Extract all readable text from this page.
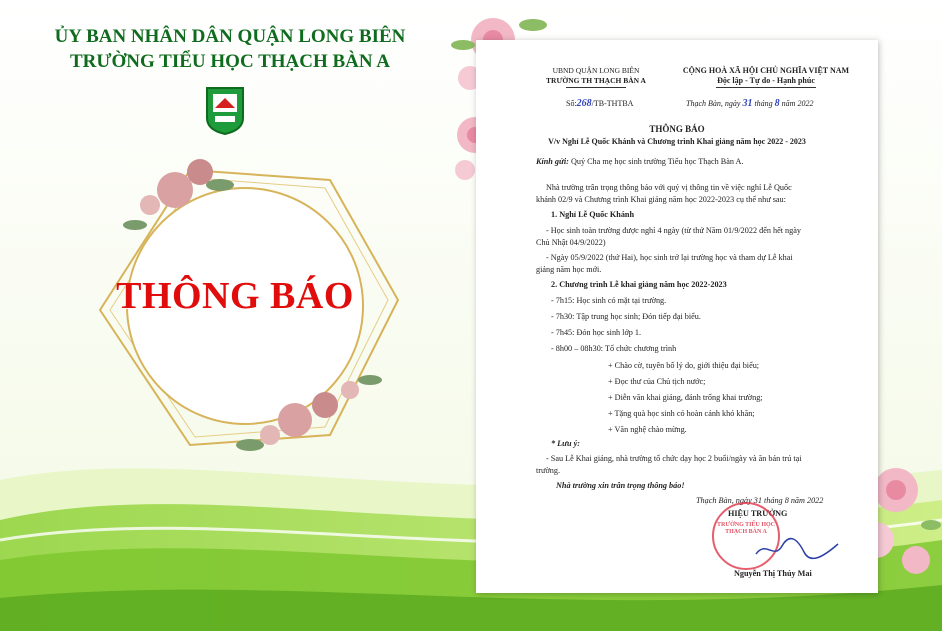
ỦY BAN NHÂN DÂN QUẬN LONG BIÊN
TRƯỜNG TIỂU HỌC THẠCH BÀN A
THÔNG BÁO
UBND QUẬN LONG BIÊN
TRƯỜNG TH THẠCH BÀN A
CỘNG HOÀ XÃ HỘI CHỦ NGHĨA VIỆT NAM
Độc lập - Tự do - Hạnh phúc
Số:268/TB-THTBA	Thạch Bàn, ngày 31 tháng 8 năm 2022
THÔNG BÁO
V/v Nghỉ Lễ Quốc Khánh và Chương trình Khai giảng năm học 2022 - 2023
Kính gửi: Quý Cha mẹ học sinh trường Tiểu học Thạch Bàn A.
Nhà trường trân trọng thông báo với quý vị thông tin về việc nghỉ Lễ Quốc
khánh 02/9 và Chương trình Khai giảng năm học 2022-2023 cụ thể như sau:
1. Nghỉ Lễ Quốc Khánh
- Học sinh toàn trường được nghỉ 4 ngày (từ thứ Năm 01/9/2022 đến hết ngày
Chủ Nhật 04/9/2022)
- Ngày 05/9/2022 (thứ Hai), học sinh trở lại trường học và tham dự Lễ khai
giảng năm học mới.
2. Chương trình Lễ khai giảng năm học 2022-2023
- 7h15: Học sinh có mặt tại trường.
- 7h30: Tập trung học sinh; Đón tiếp đại biểu.
- 7h45: Đón học sinh lớp 1.
- 8h00 – 08h30: Tổ chức chương trình
+ Chào cờ, tuyên bố lý do, giới thiệu đại biểu;
+ Đọc thư của Chủ tịch nước;
+ Diễn văn khai giảng, đánh trống khai trường;
+ Tặng quà học sinh có hoàn cảnh khó khăn;
+ Văn nghệ chào mừng.
* Lưu ý:
- Sau Lễ Khai giảng, nhà trường tổ chức dạy học 2 buổi/ngày và ăn bán trú tại
trường.
Nhà trường xin trân trọng thông báo!
Thạch Bàn, ngày 31 tháng 8 năm 2022
HIỆU TRƯỞNG
TRƯỜNG TIỂU HỌC THẠCH BÀN A
Nguyễn Thị Thúy Mai
